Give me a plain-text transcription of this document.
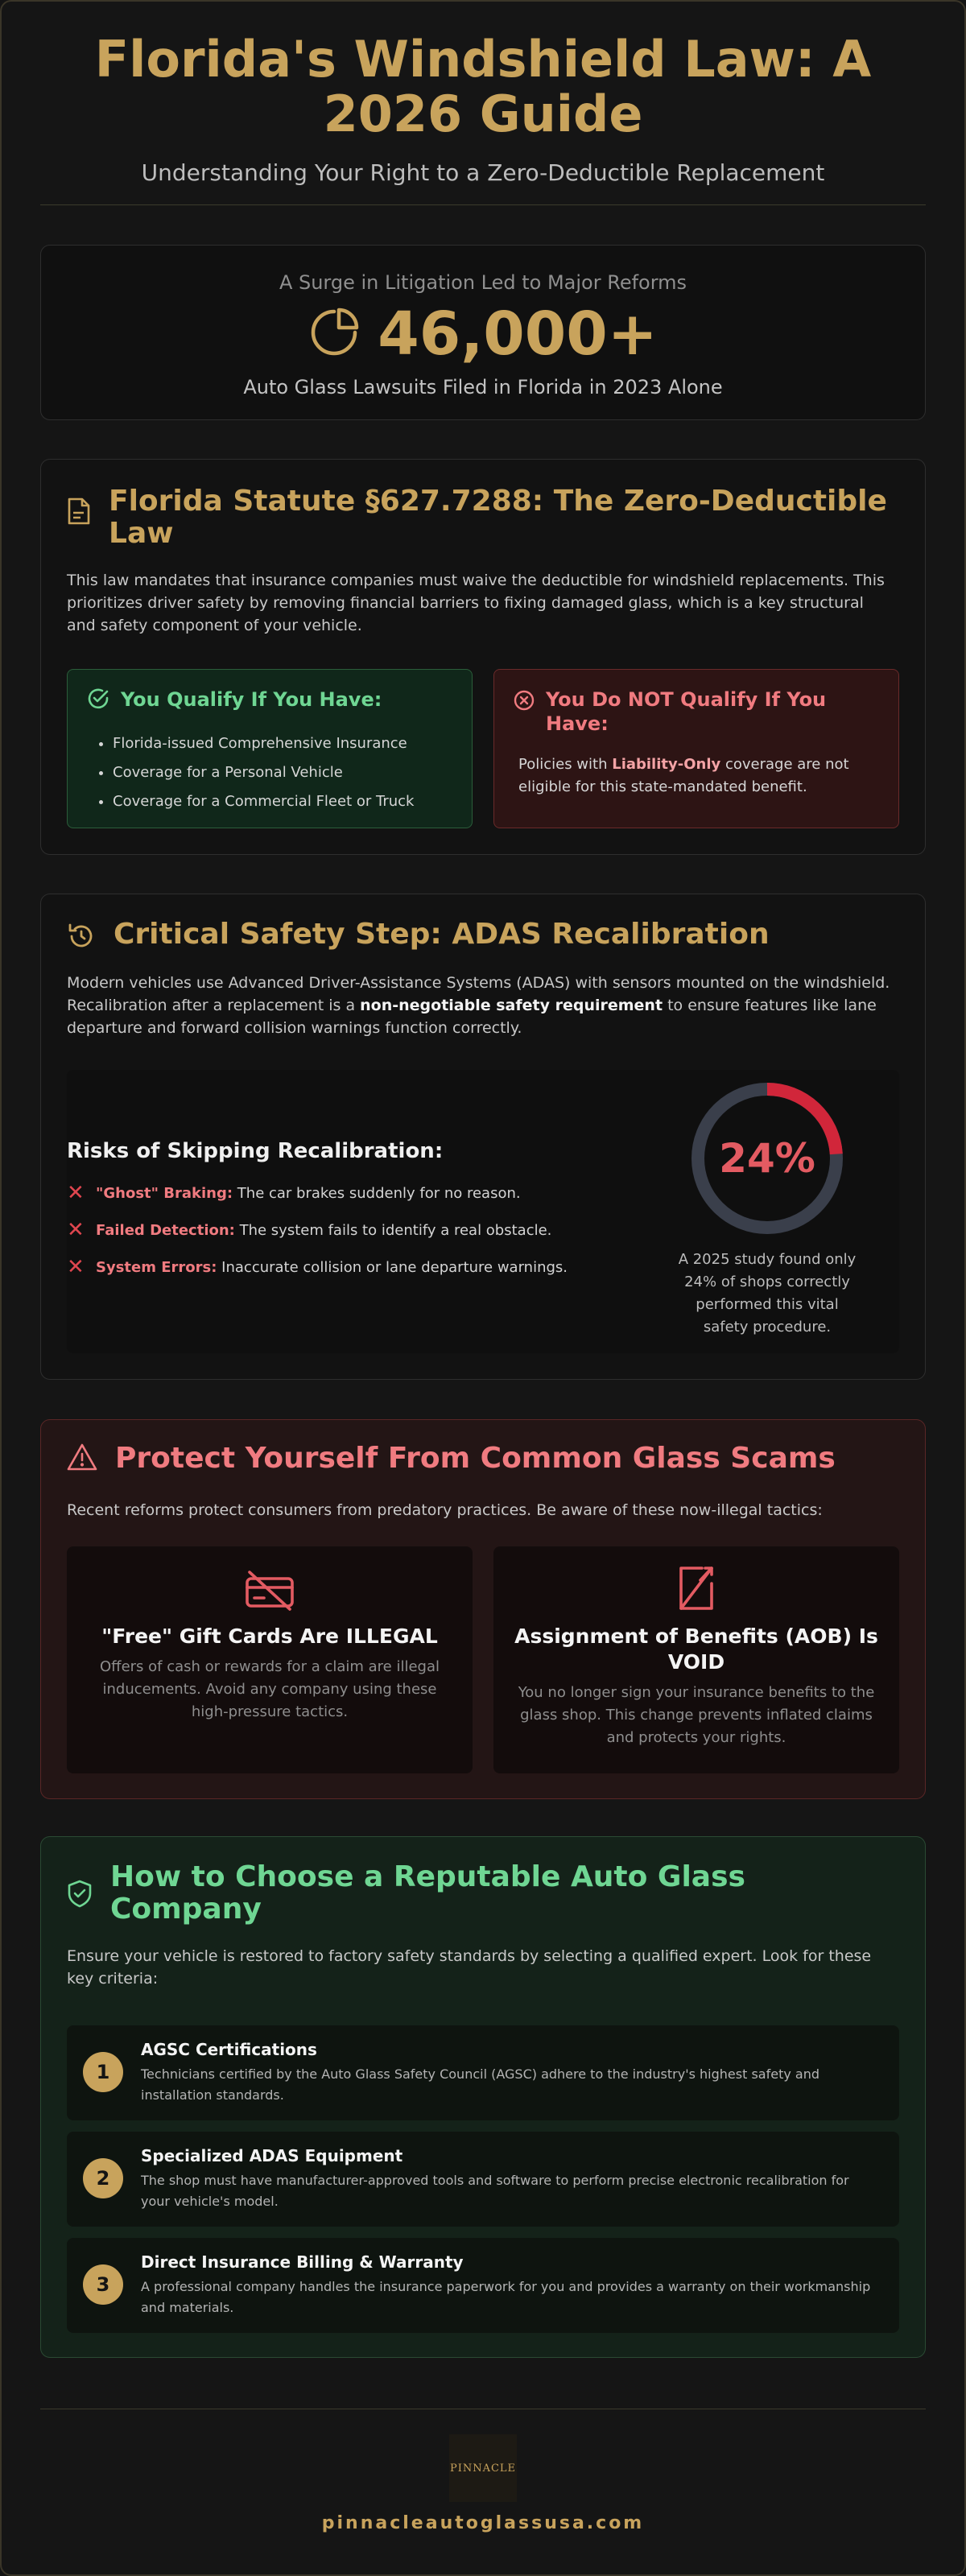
Florida's Windshield Law: A 2026 Guide
Understanding Your Right to a Zero-Deductible Replacement
A Surge in Litigation Led to Major Reforms
46,000+
Auto Glass Lawsuits Filed in Florida in 2023 Alone
Florida Statute §627.7288: The Zero-Deductible Law
This law mandates that insurance companies must waive the deductible for windshield replacements. This prioritizes driver safety by removing financial barriers to fixing damaged glass, which is a key structural and safety component of your vehicle.
You Qualify If You Have:
• Florida-issued Comprehensive Insurance
• Coverage for a Personal Vehicle
• Coverage for a Commercial Fleet or Truck
You Do NOT Qualify If You Have:
Policies with Liability-Only coverage are not eligible for this state-mandated benefit.
Critical Safety Step: ADAS Recalibration
Modern vehicles use Advanced Driver-Assistance Systems (ADAS) with sensors mounted on the windshield. Recalibration after a replacement is a non-negotiable safety requirement to ensure features like lane departure and forward collision warnings function correctly.
Risks of Skipping Recalibration:
✕ "Ghost" Braking: The car brakes suddenly for no reason.
✕ Failed Detection: The system fails to identify a real obstacle.
✕ System Errors: Inaccurate collision or lane departure warnings.
24%
A 2025 study found only 24% of shops correctly performed this vital safety procedure.
Protect Yourself From Common Glass Scams
Recent reforms protect consumers from predatory practices. Be aware of these now-illegal tactics:
"Free" Gift Cards Are ILLEGAL

Offers of cash or rewards for a claim are illegal inducements. Avoid any company using these high-pressure tactics.

Assignment of Benefits (AOB) Is VOID

You no longer sign your insurance benefits to the glass shop. This change prevents inflated claims and protects your rights.

How to Choose a Reputable Auto Glass Company
Ensure your vehicle is restored to factory safety standards by selecting a qualified expert. Look for these key criteria:
1
AGSC Certifications
Technicians certified by the Auto Glass Safety Council (AGSC) adhere to the industry's highest safety and installation standards.
2
Specialized ADAS Equipment
The shop must have manufacturer-approved tools and software to perform precise electronic recalibration for your vehicle's model.
3
Direct Insurance Billing & Warranty
A professional company handles the insurance paperwork for you and provides a warranty on their workmanship and materials.
PINNACLE
pinnacleautoglassusa.com
